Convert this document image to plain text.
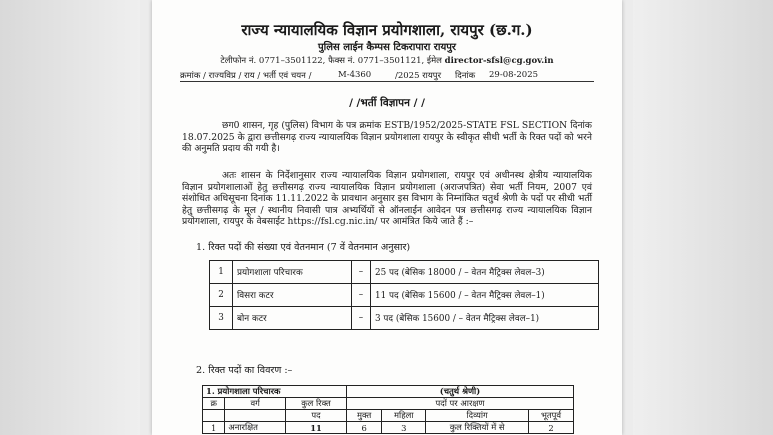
राज्य न्यायालयिक विज्ञान प्रयोगशाला, रायपुर (छ.ग.)
पुलिस लाईन कैम्पस टिकरापारा रायपुर
टेलीफोन नं. 0771–3501122, फैक्स नं. 0771–3501121, ईमेल director-sfsl@cg.gov.in
क्रमांक / राज्यविप्र / राय / भर्ती एवं चयन /	M-4360	/2025 रायपुर दिनांक 29-08-2025
/ /भर्ती विज्ञापन / /
छग0 शासन, गृह (पुलिस) विभाग के पत्र क्रमांक ESTB/1952/2025-STATE FSL SECTION दिनांक 18.07.2025 के द्वारा छत्तीसगढ़ राज्य न्यायालयिक विज्ञान प्रयोगशाला रायपुर के स्वीकृत सीधी भर्ती के रिक्त पदों को भरने की अनुमति प्रदाय की गयी है।
अतः शासन के निर्देशानुसार राज्य न्यायालयिक विज्ञान प्रयोगशाला, रायपुर एवं अधीनस्थ क्षेत्रीय न्यायालयिक विज्ञान प्रयोगशालाओं हेतु छत्तीसगढ़ राज्य न्यायालयिक विज्ञान प्रयोगशाला (अराजपत्रित) सेवा भर्ती नियम, 2007 एवं संशोधित अधिसूचना दिनांक 11.11.2022 के प्रावधान अनुसार इस विभाग के निम्नांकित चतुर्थ श्रेणी के पदों पर सीधी भर्ती हेतु छत्तीसगढ़ के मूल / स्थानीय निवासी पात्र अभ्यर्थियों से ऑनलाईन आवेदन पत्र छत्तीसगढ़ राज्य न्यायालयिक विज्ञान प्रयोगशाला, रायपुर के वेबसाईट https://fsl.cg.nic.in/ पर आमंत्रित किये जाते हैं :–
1. रिक्त पदों की संख्या एवं वेतनमान (7 वें वेतनमान अनुसार)
1	प्रयोगशाला परिचारक	–	25 पद (बेसिक 18000 / – वेतन मैट्रिक्स लेवल–3)
2	विसरा कटर	–	11 पद (बेसिक 15600 / – वेतन मैट्रिक्स लेवल–1)
3	बोन कटर	–	3 पद (बेसिक 15600 / – वेतन मैट्रिक्स लेवल–1)
2. रिक्त पदों का विवरण :–
1. प्रयोगशाला परिचारक			(चतुर्थ श्रेणी)			
क्र	वर्ग	कुल रिक्त	पदों पर आरक्षण			
		पद	मुक्त	महिला	दिव्यांग	भूतपूर्व
1	अनारक्षित	11	6	3	कुल रिक्तियों में से	2
